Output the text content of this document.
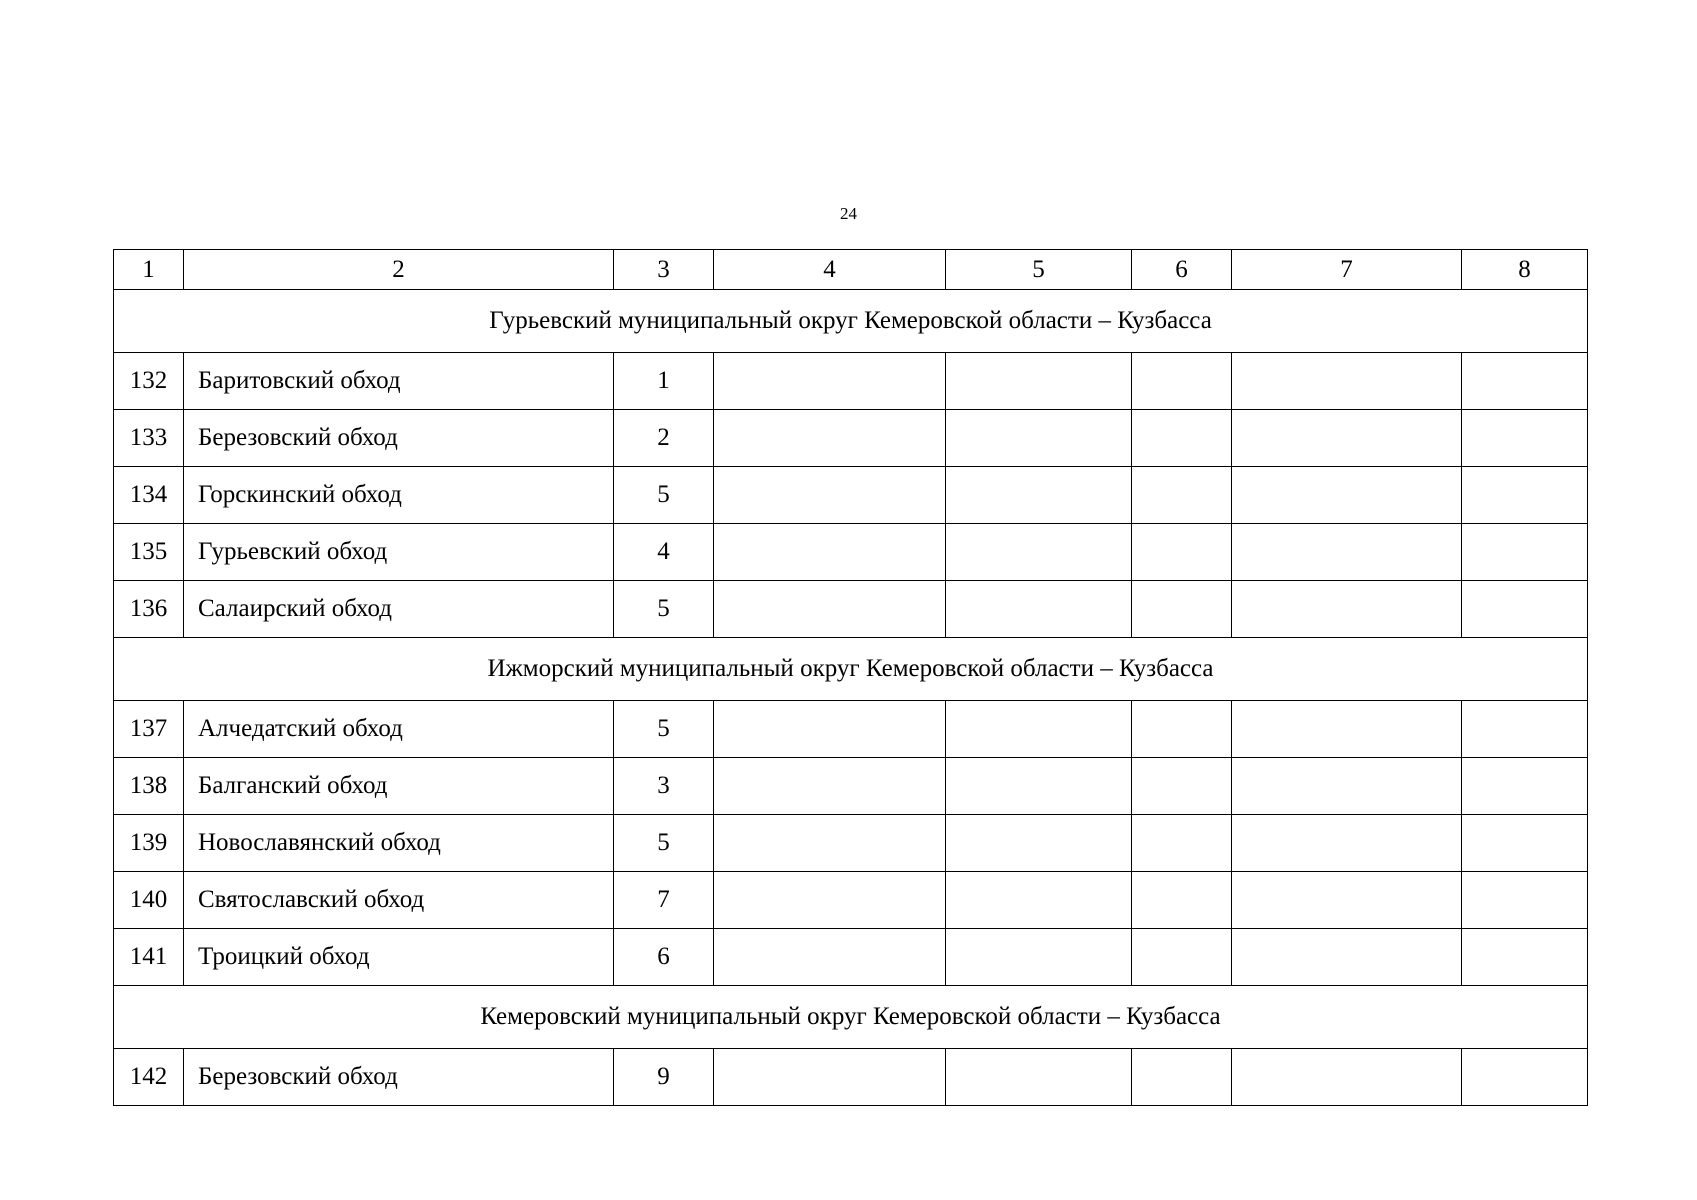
24
1	2	3	4	5	6	7	8
Гурьевский муниципальный округ Кемеровской области – Кузбасса							
132	Баритовский обход	1					
133	Березовский обход	2					
134	Горскинский обход	5					
135	Гурьевский обход	4					
136	Салаирский обход	5					
Ижморский муниципальный округ Кемеровской области – Кузбасса							
137	Алчедатский обход	5					
138	Балганский обход	3					
139	Новославянский обход	5					
140	Святославский обход	7					
141	Троицкий обход	6					
Кемеровский муниципальный округ Кемеровской области – Кузбасса							
142	Березовский обход	9					
